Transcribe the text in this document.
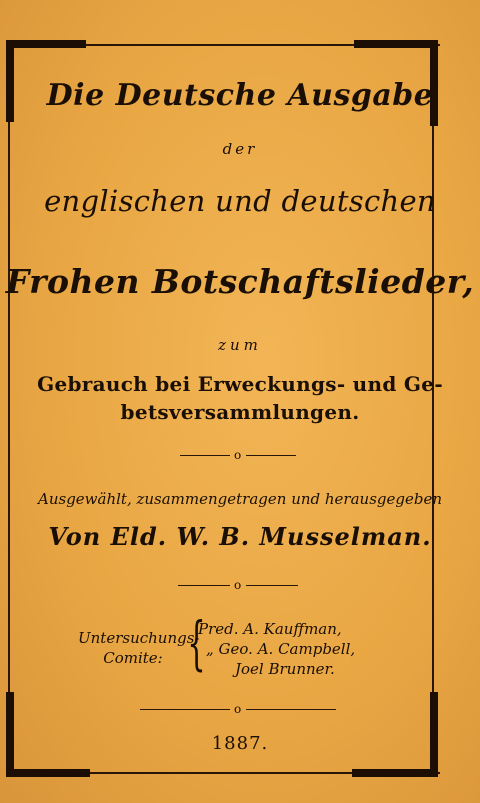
Die Deutsche Ausgabe
der
englischen und deutschen
Frohen Botschaftslieder,
zum
Gebrauch bei Erweckungs- und Ge-
betsversammlungen.
o
Ausgewählt, zusammengetragen und herausgegeben
Von Eld. W. B. Musselman.
o
Untersuchungs-
Comite: {
Pred. A. Kauffman,
„ Geo. A. Campbell,
Joel Brunner.
o
1887.
